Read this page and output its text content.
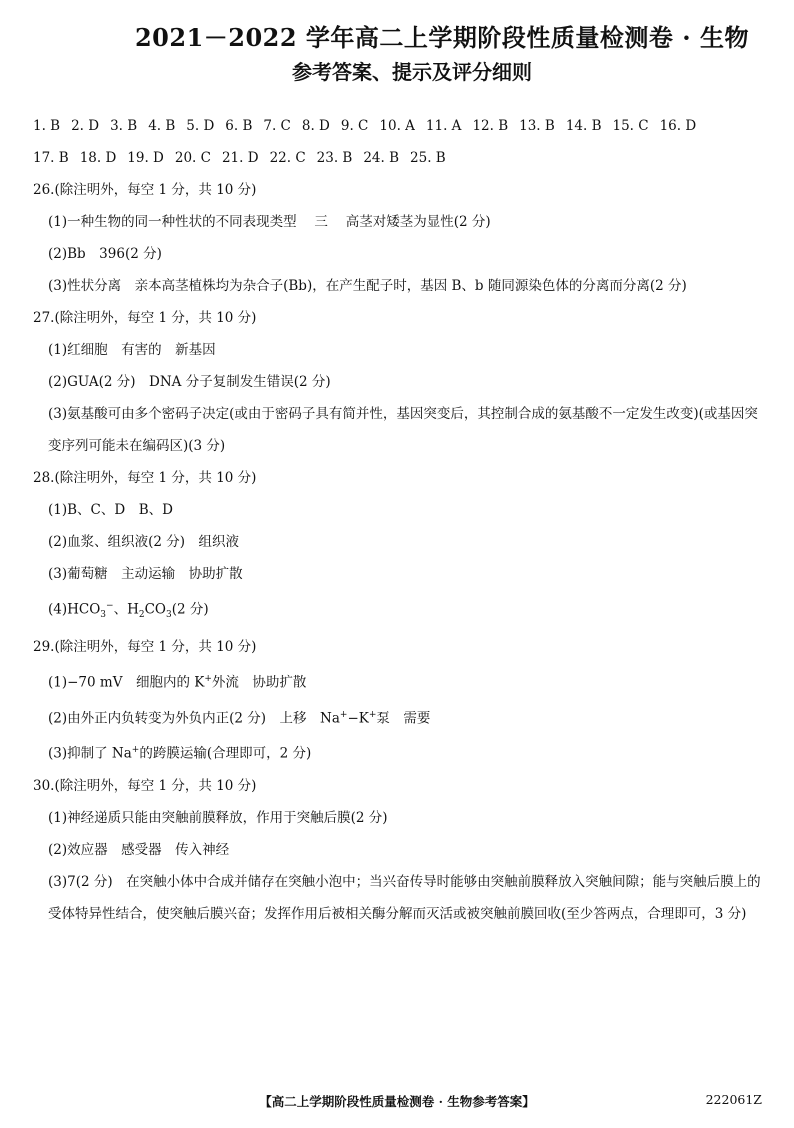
2021－2022 学年高二上学期阶段性质量检测卷 · 生物
参考答案、提示及评分细则
1. B 2. D 3. B 4. B 5. D 6. B 7. C 8. D 9. C 10. A 11. A 12. B 13. B 14. B 15. C 16. D
17. B 18. D 19. D 20. C 21. D 22. C 23. B 24. B 25. B
26.(除注明外，每空 1 分，共 10 分)
(1)一种生物的同一种性状的不同表现类型　 三　 高茎对矮茎为显性(2 分)
(2)Bb　396(2 分)
(3)性状分离　亲本高茎植株均为杂合子(Bb)，在产生配子时，基因 B、b 随同源染色体的分离而分离(2 分)
27.(除注明外，每空 1 分，共 10 分)
(1)红细胞　有害的　新基因
(2)GUA(2 分)　DNA 分子复制发生错误(2 分)
(3)氨基酸可由多个密码子决定(或由于密码子具有简并性，基因突变后，其控制合成的氨基酸不一定发生改变)(或基因突变序列可能未在编码区)(3 分)
28.(除注明外，每空 1 分，共 10 分)
(1)B、C、D　B、D
(2)血浆、组织液(2 分)　组织液
(3)葡萄糖　主动运输　协助扩散
$(4)HCO_3^-$、$H_2CO_3(2$ 分)
29.(除注明外，每空 1 分，共 10 分)
(1)−70 mV　细胞内的 K+外流　协助扩散
(2)由外正内负转变为外负内正(2 分)　上移　Na+−K+泵　需要
(3)抑制了 Na+的跨膜运输(合理即可，2 分)
30.(除注明外，每空 1 分，共 10 分)
(1)神经递质只能由突触前膜释放，作用于突触后膜(2 分)
(2)效应器　感受器　传入神经
(3)7(2 分)　在突触小体中合成并储存在突触小泡中；当兴奋传导时能够由突触前膜释放入突触间隙；能与突触后膜上的受体特异性结合，使突触后膜兴奋；发挥作用后被相关酶分解而灭活或被突触前膜回收(至少答两点，合理即可，3 分)
【高二上学期阶段性质量检测卷 · 生物参考答案】	222061Z
